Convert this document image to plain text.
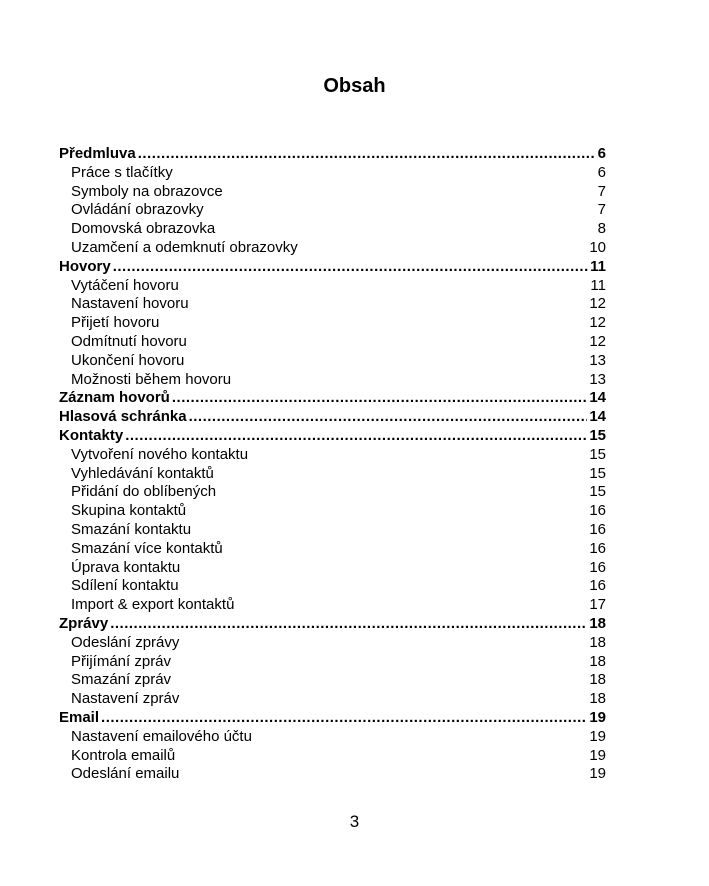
Obsah
Předmluva .....	6
Práce s tlačítky	6
Symboly na obrazovce	7
Ovládání obrazovky	7
Domovská obrazovka	8
Uzamčení a odemknutí obrazovky	10
Hovory .....	11
Vytáčení hovoru	11
Nastavení hovoru	12
Přijetí hovoru	12
Odmítnutí hovoru	12
Ukončení hovoru	13
Možnosti během hovoru	13
Záznam hovorů .....	14
Hlasová schránka .....	14
Kontakty .....	15
Vytvoření nového kontaktu	15
Vyhledávání kontaktů	15
Přidání do oblíbených	15
Skupina kontaktů	16
Smazání kontaktu	16
Smazání více kontaktů	16
Úprava kontaktu	16
Sdílení kontaktu	16
Import & export kontaktů	17
Zprávy .....	18
Odeslání zprávy	18
Přijímání zpráv	18
Smazání zpráv	18
Nastavení zpráv	18
Email .....	19
Nastavení emailového účtu	19
Kontrola emailů	19
Odeslání emailu	19
3
